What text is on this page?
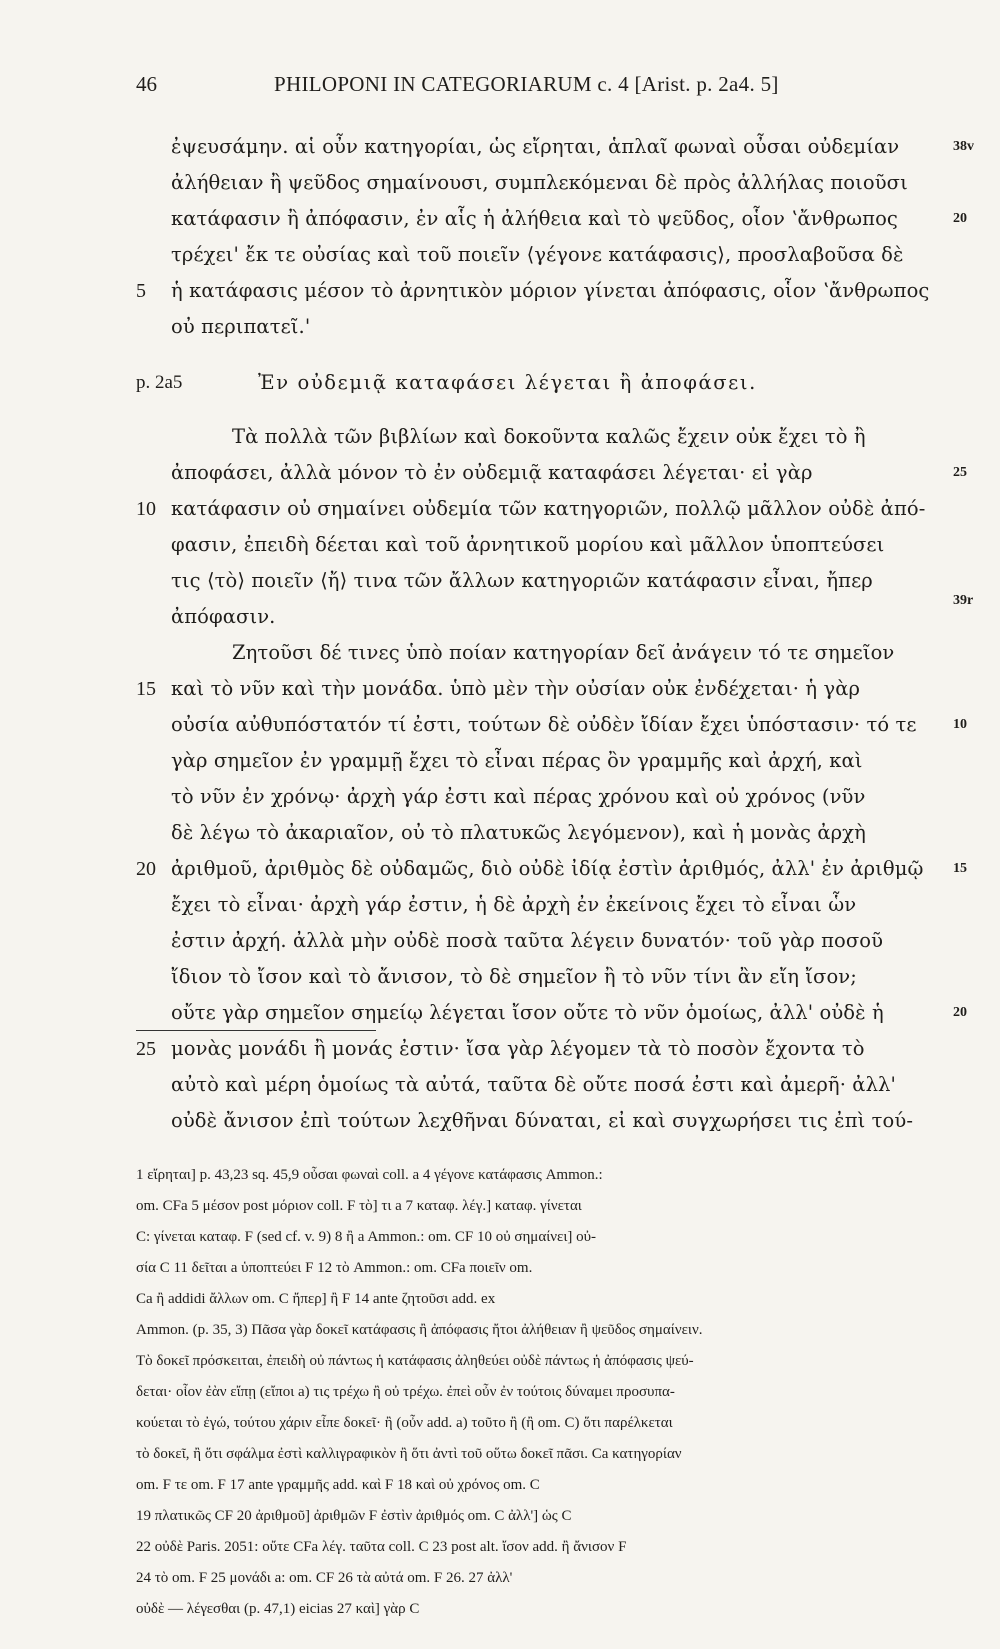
46	PHILOPONI IN CATEGORIARUM c. 4 [Arist. p. 2a4. 5]
ἐψευσάμην. αἱ οὖν κατηγορίαι, ὡς εἴρηται, ἁπλαῖ φωναὶ οὖσαι οὐδεμίαν
ἀλήθειαν ἢ ψεῦδος σημαίνουσι, συμπλεκόμεναι δὲ πρὸς ἀλλήλας ποιοῦσι
κατάφασιν ἢ ἀπόφασιν, ἐν αἷς ἡ ἀλήθεια καὶ τὸ ψεῦδος, οἷον ʽἄνθρωπος
τρέχει' ἔκ τε οὐσίας καὶ τοῦ ποιεῖν ⟨γέγονε κατάφασις⟩, προσλαβοῦσα δὲ
ἡ κατάφασις μέσον τὸ ἀρνητικὸν μόριον γίνεται ἀπόφασις, οἷον ʽἄνθρωπος
οὐ περιπατεῖ.'
Ἐν οὐδεμιᾷ καταφάσει λέγεται ἢ ἀποφάσει.
Τὰ πολλὰ τῶν βιβλίων καὶ δοκοῦντα καλῶς ἔχειν οὐκ ἔχει τὸ ἢ
ἀποφάσει, ἀλλὰ μόνον τὸ ἐν οὐδεμιᾷ καταφάσει λέγεται· εἰ γὰρ
κατάφασιν οὐ σημαίνει οὐδεμία τῶν κατηγοριῶν, πολλῷ μᾶλλον οὐδὲ ἀπό-
φασιν, ἐπειδὴ δέεται καὶ τοῦ ἀρνητικοῦ μορίου καὶ μᾶλλον ὑποπτεύσει
τις ⟨τὸ⟩ ποιεῖν ⟨ἤ⟩ τινα τῶν ἄλλων κατηγοριῶν κατάφασιν εἶναι, ἤπερ
ἀπόφασιν.
Ζητοῦσι δέ τινες ὑπὸ ποίαν κατηγορίαν δεῖ ἀνάγειν τό τε σημεῖον
καὶ τὸ νῦν καὶ τὴν μονάδα. ὑπὸ μὲν τὴν οὐσίαν οὐκ ἐνδέχεται· ἡ γὰρ
οὐσία αὐθυπόστατόν τί ἐστι, τούτων δὲ οὐδὲν ἴδίαν ἔχει ὑπόστασιν· τό τε
γὰρ σημεῖον ἐν γραμμῇ ἔχει τὸ εἶναι πέρας ὂν γραμμῆς καὶ ἀρχή, καὶ
τὸ νῦν ἐν χρόνῳ· ἀρχὴ γάρ ἐστι καὶ πέρας χρόνου καὶ οὐ χρόνος (νῦν
δὲ λέγω τὸ ἀκαριαῖον, οὐ τὸ πλατυκῶς λεγόμενον), καὶ ἡ μονὰς ἀρχὴ
ἀριθμοῦ, ἀριθμὸς δὲ οὐδαμῶς, διὸ οὐδὲ ἰδίᾳ ἐστὶν ἀριθμός, ἀλλ' ἐν ἀριθμῷ
ἔχει τὸ εἶναι· ἀρχὴ γάρ ἐστιν, ἡ δὲ ἀρχὴ ἐν ἐκείνοις ἔχει τὸ εἶναι ὧν
ἐστιν ἀρχή. ἀλλὰ μὴν οὐδὲ ποσὰ ταῦτα λέγειν δυνατόν· τοῦ γὰρ ποσοῦ
ἴδιον τὸ ἴσον καὶ τὸ ἄνισον, τὸ δὲ σημεῖον ἢ τὸ νῦν τίνι ἂν εἴη ἴσον;
οὔτε γὰρ σημεῖον σημείῳ λέγεται ἴσον οὔτε τὸ νῦν ὁμοίως, ἀλλ' οὐδὲ ἡ
μονὰς μονάδι ἢ μονάς ἐστιν· ἴσα γὰρ λέγομεν τὰ τὸ ποσὸν ἔχοντα τὸ
αὐτὸ καὶ μέρη ὁμοίως τὰ αὐτά, ταῦτα δὲ οὔτε ποσά ἐστι καὶ ἀμερῆ· ἀλλ'
οὐδὲ ἄνισον ἐπὶ τούτων λεχθῆναι δύναται, εἰ καὶ συγχωρήσει τις ἐπὶ τού-
5
10
15
20
25
38v
20
25
39r
10
15
20
p. 2a5
1 εἴρηται] p. 43,23 sq. 45,9 οὖσαι φωναὶ coll. a 4 γέγονε κατάφασις Ammon.:
om. CFa 5 μέσον post μόριον coll. F τὸ] τι a 7 καταφ. λέγ.] καταφ. γίνεται
C: γίνεται καταφ. F (sed cf. v. 9) 8 ἢ a Ammon.: om. CF 10 οὐ σημαίνει] οὐ-
σία C 11 δεῖται a ὑποπτεύει F 12 τὸ Ammon.: om. CFa ποιεῖν om.
Ca ἢ addidi ἄλλων om. C ἤπερ] ἢ F 14 ante ζητοῦσι add. ex
Ammon. (p. 35, 3) Πᾶσα γὰρ δοκεῖ κατάφασις ἢ ἀπόφασις ἤτοι ἀλήθειαν ἢ ψεῦδος σημαίνειν.
Τὸ δοκεῖ πρόσκειται, ἐπειδὴ οὐ πάντως ἡ κατάφασις ἀληθεύει οὐδὲ πάντως ἡ ἀπόφασις ψεύ-
δεται· οἷον ἐὰν εἴπῃ (εἴποι a) τις τρέχω ἢ οὐ τρέχω. ἐπεὶ οὖν ἐν τούτοις δύναμει προσυπα-
κούεται τὸ ἐγώ, τούτου χάριν εἶπε δοκεῖ· ἢ (οὖν add. a) τοῦτο ἢ (ἢ om. C) ὅτι παρέλκεται
τὸ δοκεῖ, ἢ ὅτι σφάλμα ἐστὶ καλλιγραφικὸν ἢ ὅτι ἀντὶ τοῦ οὕτω δοκεῖ πᾶσι. Ca κατηγορίαν
om. F τε om. F 17 ante γραμμῆς add. καὶ F 18 καὶ οὐ χρόνος om. C
19 πλατικῶς CF 20 ἀριθμοῦ] ἀριθμῶν F ἐστὶν ἀριθμός om. C ἀλλ'] ὡς C
22 οὐδὲ Paris. 2051: οὔτε CFa λέγ. ταῦτα coll. C 23 post alt. ἴσον add. ἢ ἄνισον F
24 τὸ om. F 25 μονάδι a: om. CF 26 τὰ αὐτά om. F 26. 27 ἀλλ'
οὐδὲ — λέγεσθαι (p. 47,1) eicias 27 καὶ] γὰρ C
